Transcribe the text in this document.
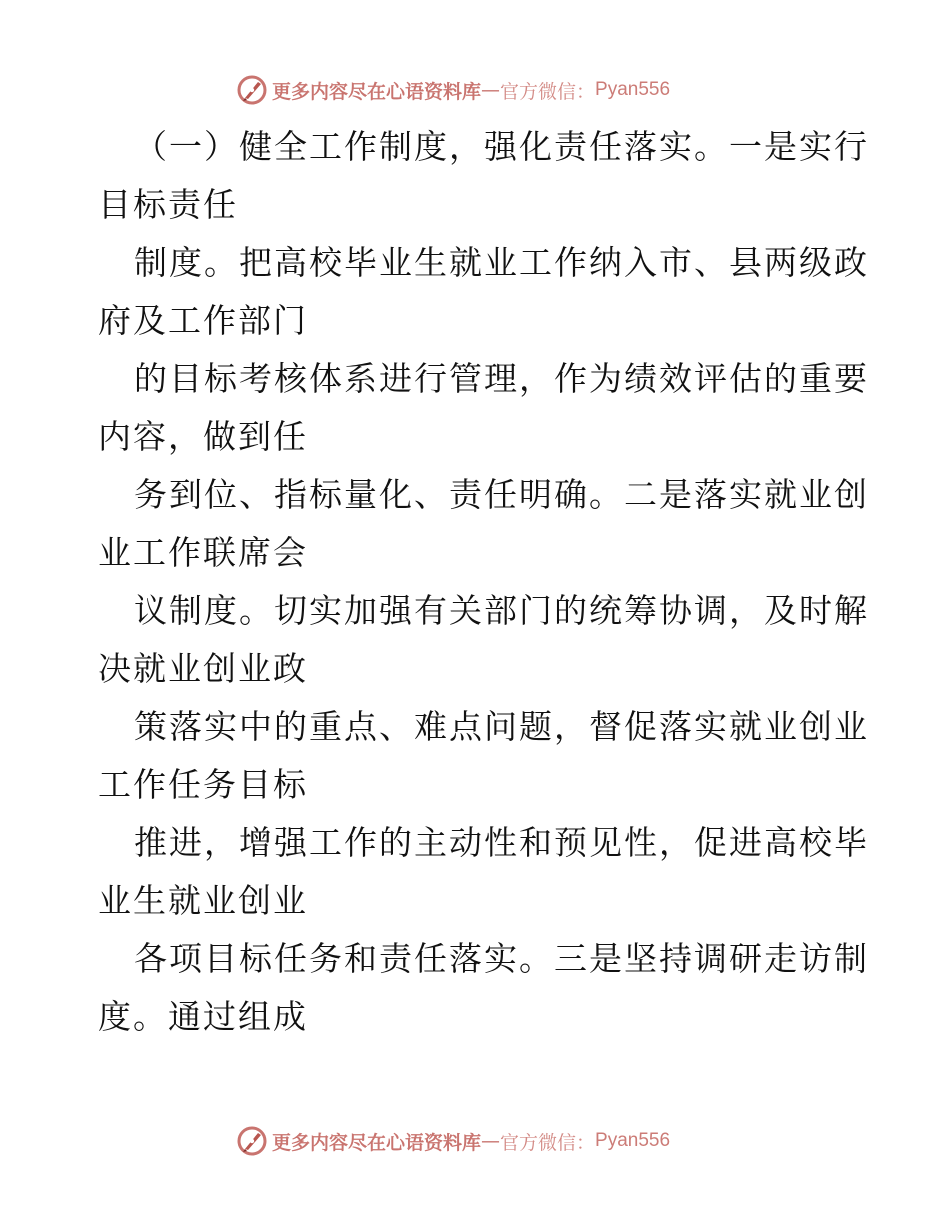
更多内容尽在心语资料库 — 官方微信： Pyan556
（一）健全工作制度，强化责任落实。一是实行
目标责任
制度。把高校毕业生就业工作纳入市、县两级政
府及工作部门
的目标考核体系进行管理，作为绩效评估的重要
内容，做到任
务到位、指标量化、责任明确。二是落实就业创
业工作联席会
议制度。切实加强有关部门的统筹协调，及时解
决就业创业政
策落实中的重点、难点问题，督促落实就业创业
工作任务目标
推进，增强工作的主动性和预见性，促进高校毕
业生就业创业
各项目标任务和责任落实。三是坚持调研走访制
度。通过组成
更多内容尽在心语资料库 — 官方微信： Pyan556
